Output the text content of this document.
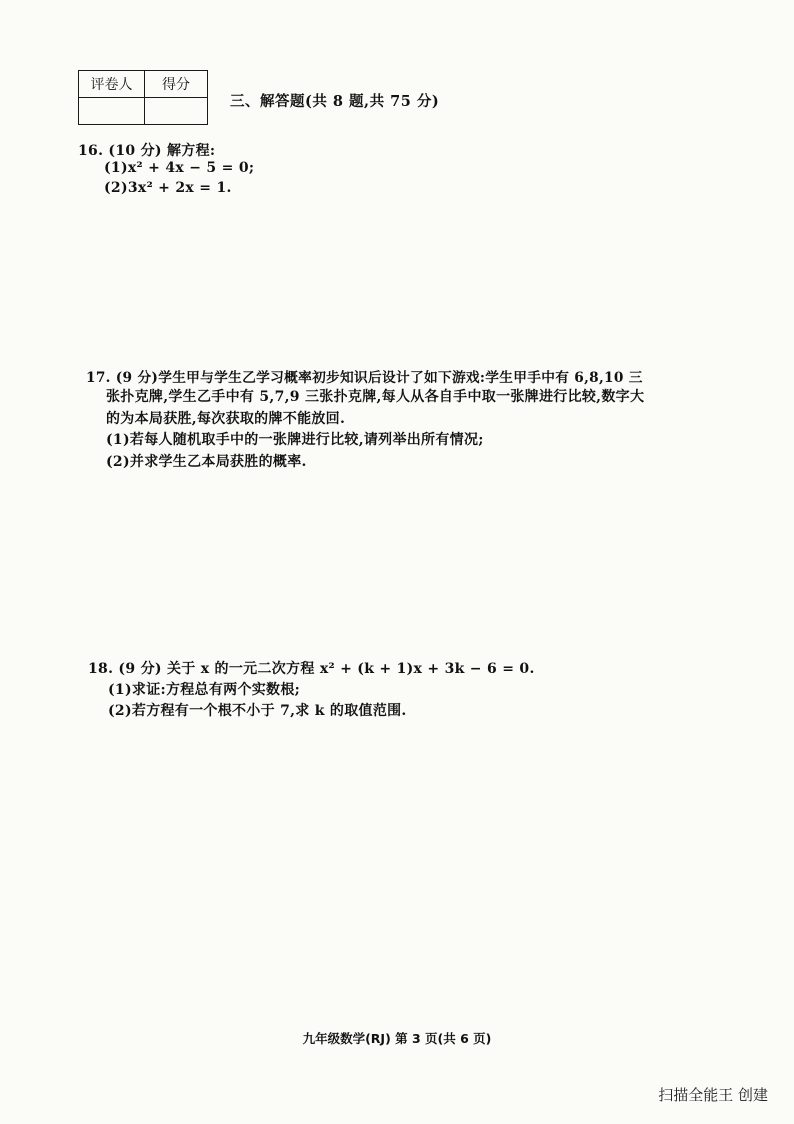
评卷人	得分

三、解答题(共 8 题,共 75 分)
16. (10 分) 解方程:
(1)x² + 4x − 5 = 0;
(2)3x² + 2x = 1.
17. (9 分)学生甲与学生乙学习概率初步知识后设计了如下游戏:学生甲手中有 6,8,10 三
张扑克牌,学生乙手中有 5,7,9 三张扑克牌,每人从各自手中取一张牌进行比较,数字大
的为本局获胜,每次获取的牌不能放回.
(1)若每人随机取手中的一张牌进行比较,请列举出所有情况;
(2)并求学生乙本局获胜的概率.
18. (9 分) 关于 x 的一元二次方程 x² + (k + 1)x + 3k − 6 = 0.
(1)求证:方程总有两个实数根;
(2)若方程有一个根不小于 7,求 k 的取值范围.
九年级数学(RJ) 第 3 页(共 6 页)
扫描全能王 创建
